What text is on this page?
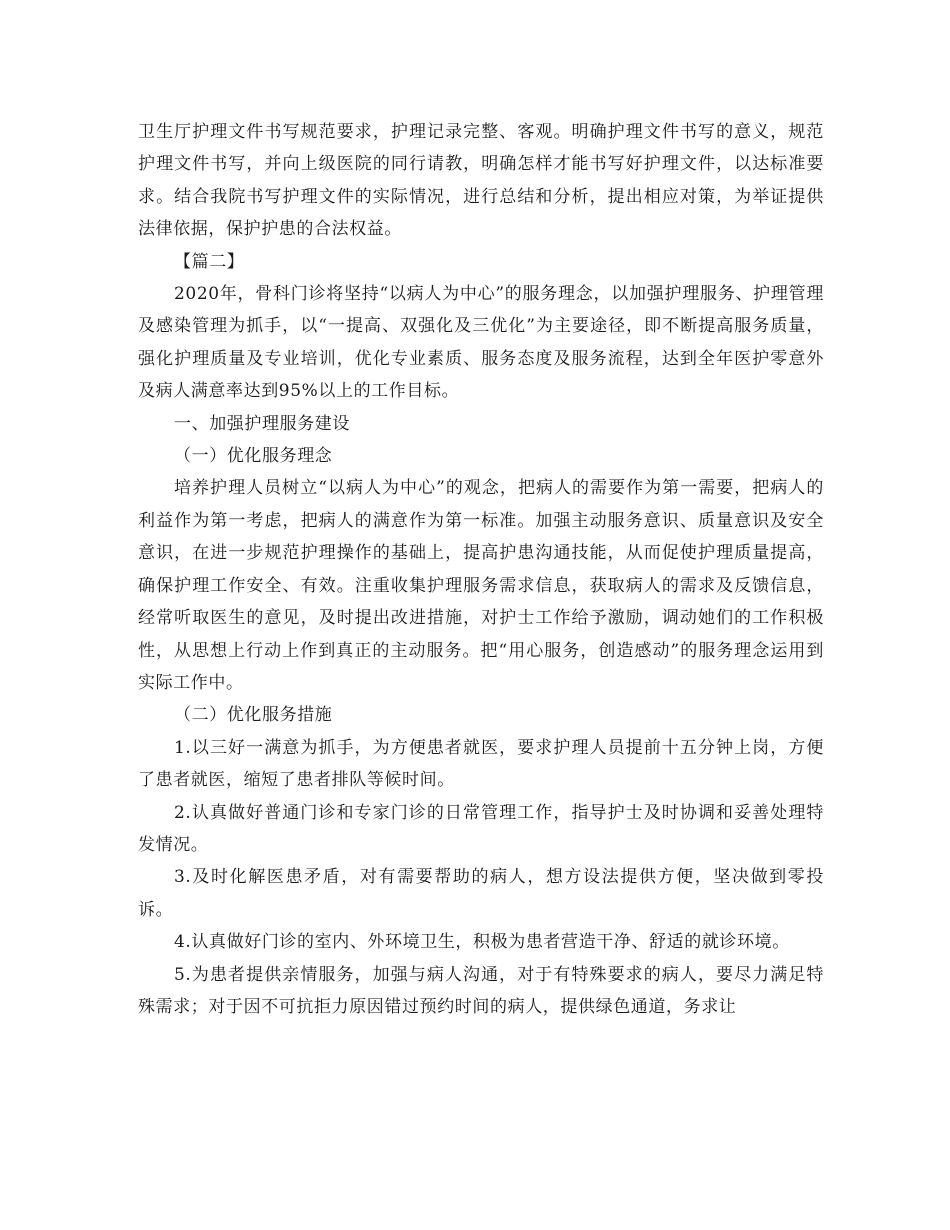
卫生厅护理文件书写规范要求，护理记录完整、客观。明确护理文件书写的意义，规范护理文件书写，并向上级医院的同行请教，明确怎样才能书写好护理文件，以达标准要求。结合我院书写护理文件的实际情况，进行总结和分析，提出相应对策，为举证提供法律依据，保护护患的合法权益。

【篇二】

2020年，骨科门诊将坚持“以病人为中心”的服务理念，以加强护理服务、护理管理及感染管理为抓手，以“一提高、双强化及三优化”为主要途径，即不断提高服务质量，强化护理质量及专业培训，优化专业素质、服务态度及服务流程，达到全年医护零意外及病人满意率达到95%以上的工作目标。

一、加强护理服务建设

（一）优化服务理念

培养护理人员树立“以病人为中心”的观念，把病人的需要作为第一需要，把病人的利益作为第一考虑，把病人的满意作为第一标准。加强主动服务意识、质量意识及安全意识，在进一步规范护理操作的基础上，提高护患沟通技能，从而促使护理质量提高，确保护理工作安全、有效。注重收集护理服务需求信息，获取病人的需求及反馈信息，经常听取医生的意见，及时提出改进措施，对护士工作给予激励，调动她们的工作积极性，从思想上行动上作到真正的主动服务。把“用心服务，创造感动”的服务理念运用到实际工作中。

（二）优化服务措施

1.以三好一满意为抓手，为方便患者就医，要求护理人员提前十五分钟上岗，方便了患者就医，缩短了患者排队等候时间。

2.认真做好普通门诊和专家门诊的日常管理工作，指导护士及时协调和妥善处理特发情况。

3.及时化解医患矛盾，对有需要帮助的病人，想方设法提供方便，坚决做到零投诉。

4.认真做好门诊的室内、外环境卫生，积极为患者营造干净、舒适的就诊环境。

5.为患者提供亲情服务，加强与病人沟通，对于有特殊要求的病人，要尽力满足特殊需求；对于因不可抗拒力原因错过预约时间的病人，提供绿色通道，务求让
